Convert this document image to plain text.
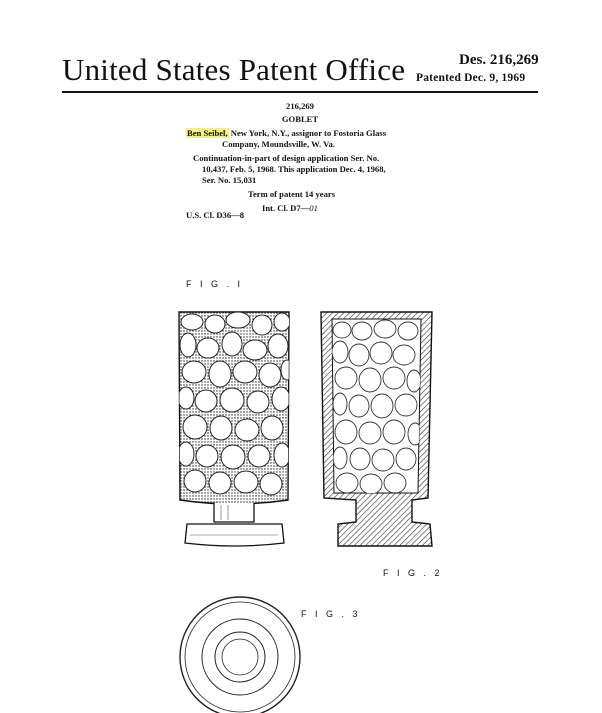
United States Patent Office	Des. 216,269
Patented Dec. 9, 1969
216,269
GOBLET
Ben Seibel, New York, N.Y., assignor to Fostoria Glass
Company, Moundsville, W. Va.
Continuation-in-part of design application Ser. No.
10,437, Feb. 5, 1968. This application Dec. 4, 1968,
Ser. No. 15,031
Term of patent 14 years
Int. Cl. D7—01
U.S. Cl. D36—8
F I G . I
F I G . 2
F I G . 3
